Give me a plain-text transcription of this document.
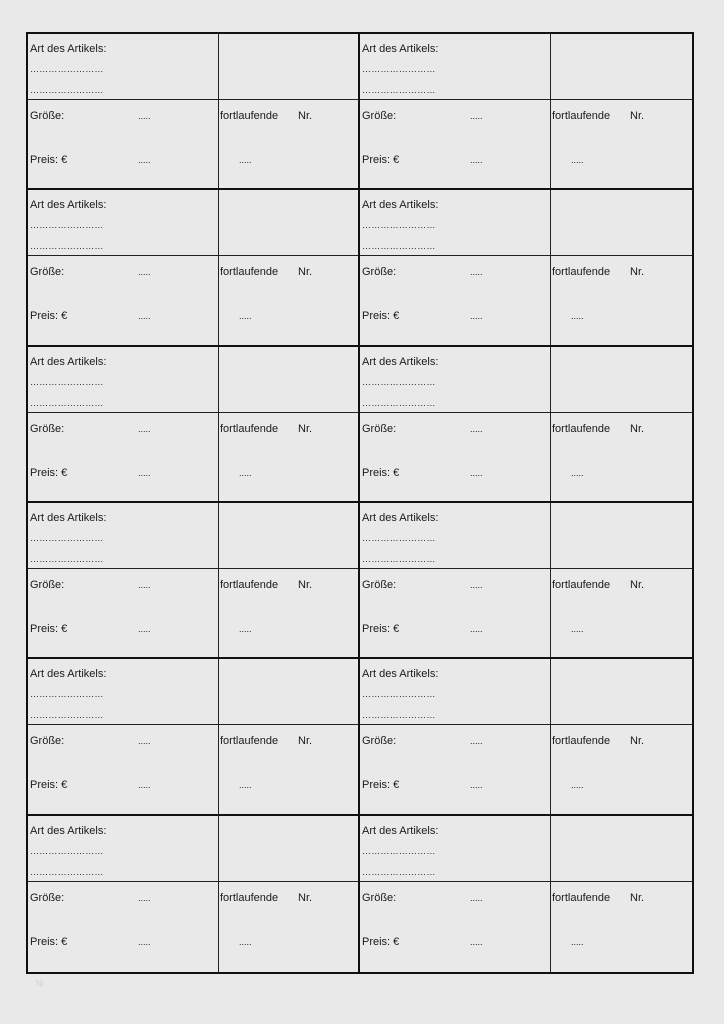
Art des Artikels:
……………………
……………………
Größe:	.....
Preis: €	.....
fortlaufende Nr.
.....
Art des Artikels:
……………………
……………………
Größe:	.....
Preis: €	.....
fortlaufende Nr.
.....
Art des Artikels:
……………………
……………………
Größe:	.....
Preis: €	.....
fortlaufende Nr.
.....
Art des Artikels:
……………………
……………………
Größe:	.....
Preis: €	.....
fortlaufende Nr.
.....
Art des Artikels:
……………………
……………………
Größe:	.....
Preis: €	.....
fortlaufende Nr.
.....
Art des Artikels:
……………………
……………………
Größe:	.....
Preis: €	.....
fortlaufende Nr.
.....
Art des Artikels:
……………………
……………………
Größe:	.....
Preis: €	.....
fortlaufende Nr.
.....
Art des Artikels:
……………………
……………………
Größe:	.....
Preis: €	.....
fortlaufende Nr.
.....
Art des Artikels:
……………………
……………………
Größe:	.....
Preis: €	.....
fortlaufende Nr.
.....
Art des Artikels:
……………………
……………………
Größe:	.....
Preis: €	.....
fortlaufende Nr.
.....
Art des Artikels:
……………………
……………………
Größe:	.....
Preis: €	.....
fortlaufende Nr.
.....
Art des Artikels:
……………………
……………………
Größe:	.....
Preis: €	.....
fortlaufende Nr.
.....
Nr
